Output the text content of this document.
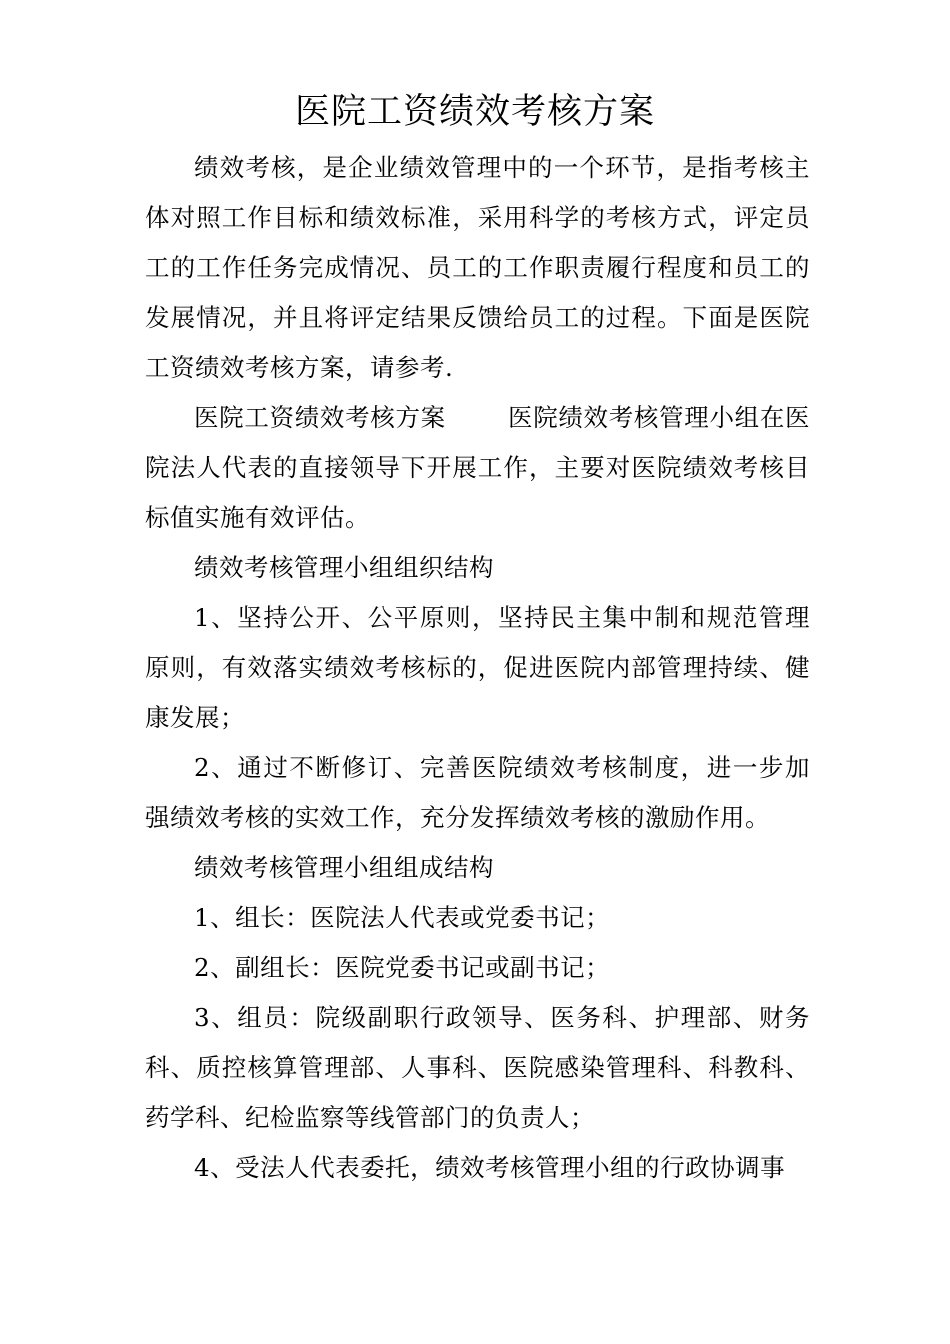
医院工资绩效考核方案

绩效考核，是企业绩效管理中的一个环节，是指考核主体对照工作目标和绩效标准，采用科学的考核方式，评定员工的工作任务完成情况、员工的工作职责履行程度和员工的发展情况，并且将评定结果反馈给员工的过程。下面是医院工资绩效考核方案，请参考.

医院工资绩效考核方案	医院绩效考核管理小组在医院法人代表的直接领导下开展工作，主要对医院绩效考核目标值实施有效评估。

绩效考核管理小组组织结构

1、坚持公开、公平原则，坚持民主集中制和规范管理原则，有效落实绩效考核标的，促进医院内部管理持续、健康发展；

2、通过不断修订、完善医院绩效考核制度，进一步加强绩效考核的实效工作，充分发挥绩效考核的激励作用。

绩效考核管理小组组成结构

1、组长：医院法人代表或党委书记；

2、副组长：医院党委书记或副书记；

3、组员：院级副职行政领导、医务科、护理部、财务科、质控核算管理部、人事科、医院感染管理科、科教科、药学科、纪检监察等线管部门的负责人；

4、受法人代表委托，绩效考核管理小组的行政协调事
